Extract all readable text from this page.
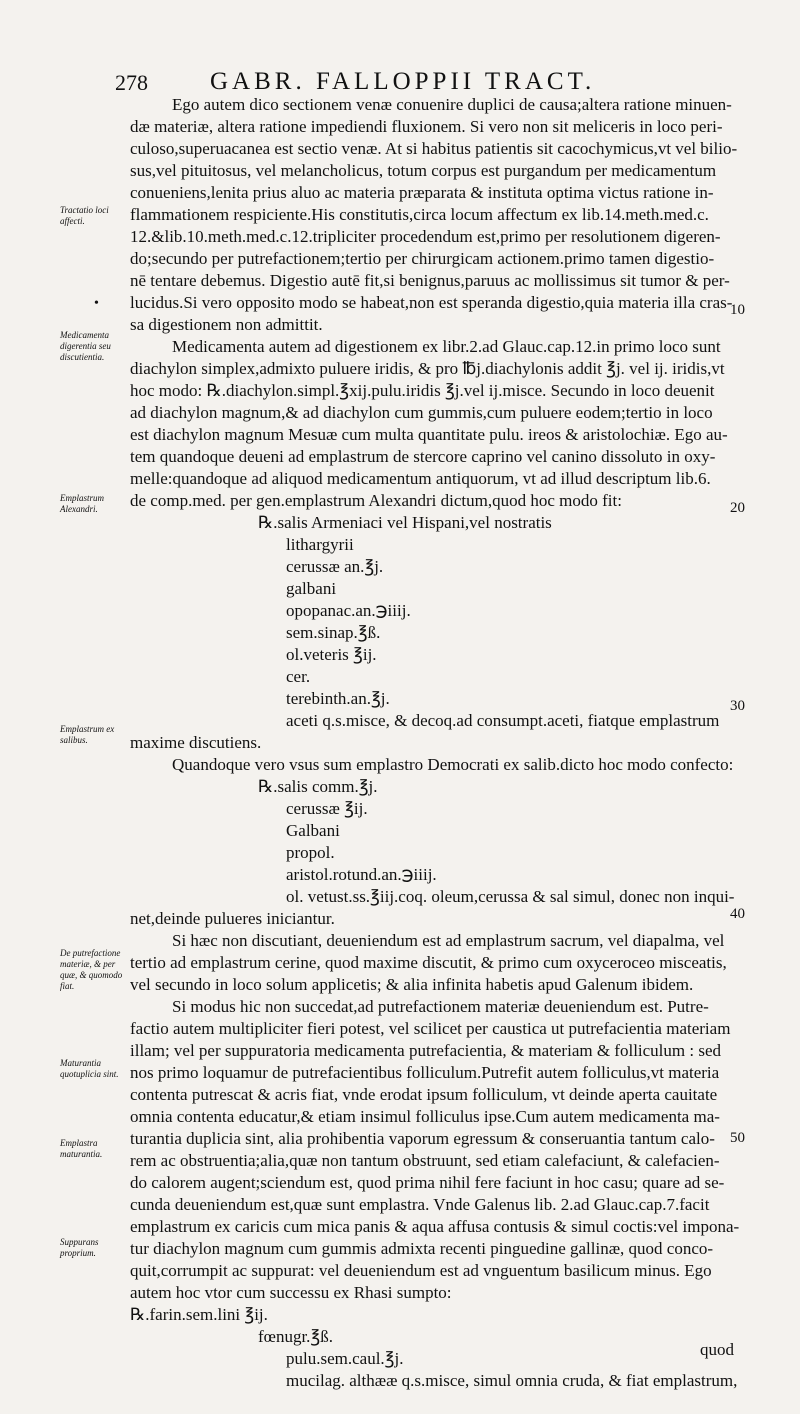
278 GABR. FALLOPPII TRACT.
•
Tractatio loci affecti.
Medicamenta digerentia seu discutientia.
Emplastrum Alexandri.
Emplastrum ex salibus.
De putrefactione materiæ, & per quæ, & quomodo fiat.
Maturantia quotuplicia sint.
Emplastra maturantia.
Suppurans proprium.
10
20
30
40
50
Ego autem dico sectionem venæ conuenire duplici de causa;altera ratione minuen-
dæ materiæ, altera ratione impediendi fluxionem. Si vero non sit meliceris in loco peri-
culoso,superuacanea est sectio venæ. At si habitus patientis sit cacochymicus,vt vel bilio-
sus,vel pituitosus, vel melancholicus, totum corpus est purgandum per medicamentum
conueniens,lenita prius aluo ac materia præparata & instituta optima victus ratione in-
flammationem respiciente.His constitutis,circa locum affectum ex lib.14.meth.med.c.
12.&lib.10.meth.med.c.12.tripliciter procedendum est,primo per resolutionem digeren-
do;secundo per putrefactionem;tertio per chirurgicam actionem.primo tamen digestio-
nē tentare debemus. Digestio autē fit,si benignus,paruus ac mollissimus sit tumor & per-
lucidus.Si vero opposito modo se habeat,non est speranda digestio,quia materia illa cras-
sa digestionem non admittit.
Medicamenta autem ad digestionem ex libr.2.ad Glauc.cap.12.in primo loco sunt
diachylon simplex,admixto puluere iridis, & pro ℔j.diachylonis addit ℥j. vel ij. iridis,vt
hoc modo: ℞.diachylon.simpl.℥xij.pulu.iridis ℥j.vel ij.misce. Secundo in loco deuenit
ad diachylon magnum,& ad diachylon cum gummis,cum puluere eodem;tertio in loco
est diachylon magnum Mesuæ cum multa quantitate pulu. ireos & aristolochiæ. Ego au-
tem quandoque deueni ad emplastrum de stercore caprino vel canino dissoluto in oxy-
melle:quandoque ad aliquod medicamentum antiquorum, vt ad illud descriptum lib.6.
de comp.med. per gen.emplastrum Alexandri dictum,quod hoc modo fit:
℞.salis Armeniaci vel Hispani,vel nostratis
lithargyrii
cerussæ an.℥j.
galbani
opopanac.an.℈iiij.
sem.sinap.℥ß.
ol.veteris ℥ij.
cer.
terebinth.an.℥j.
aceti q.s.misce, & decoq.ad consumpt.aceti, fiatque emplastrum
maxime discutiens.
Quandoque vero vsus sum emplastro Democrati ex salib.dicto hoc modo confecto:
℞.salis comm.℥j.
cerussæ ℥ij.
Galbani
propol.
aristol.rotund.an.℈iiij.
ol. vetust.ss.℥iij.coq. oleum,cerussa & sal simul, donec non inqui-
net,deinde pulueres iniciantur.
Si hæc non discutiant, deueniendum est ad emplastrum sacrum, vel diapalma, vel
tertio ad emplastrum cerine, quod maxime discutit, & primo cum oxyceroceo misceatis,
vel secundo in loco solum applicetis; & alia infinita habetis apud Galenum ibidem.
Si modus hic non succedat,ad putrefactionem materiæ deueniendum est. Putre-
factio autem multipliciter fieri potest, vel scilicet per caustica ut putrefacientia materiam
illam; vel per suppuratoria medicamenta putrefacientia, & materiam & folliculum : sed
nos primo loquamur de putrefacientibus folliculum.Putrefit autem folliculus,vt materia
contenta putrescat & acris fiat, vnde erodat ipsum folliculum, vt deinde aperta cauitate
omnia contenta educatur,& etiam insimul folliculus ipse.Cum autem medicamenta ma-
turantia duplicia sint, alia prohibentia vaporum egressum & conseruantia tantum calo-
rem ac obstruentia;alia,quæ non tantum obstruunt, sed etiam calefaciunt, & calefacien-
do calorem augent;sciendum est, quod prima nihil fere faciunt in hoc casu; quare ad se-
cunda deueniendum est,quæ sunt emplastra. Vnde Galenus lib. 2.ad Glauc.cap.7.facit
emplastrum ex caricis cum mica panis & aqua affusa contusis & simul coctis:vel impona-
tur diachylon magnum cum gummis admixta recenti pinguedine gallinæ, quod conco-
quit,corrumpit ac suppurat: vel deueniendum est ad vnguentum basilicum minus. Ego
autem hoc vtor cum successu ex Rhasi sumpto:
℞.farin.sem.lini ℥ij.
fœnugr.℥ß.
pulu.sem.caul.℥j.
mucilag. althææ q.s.misce, simul omnia cruda, & fiat emplastrum,
quod
